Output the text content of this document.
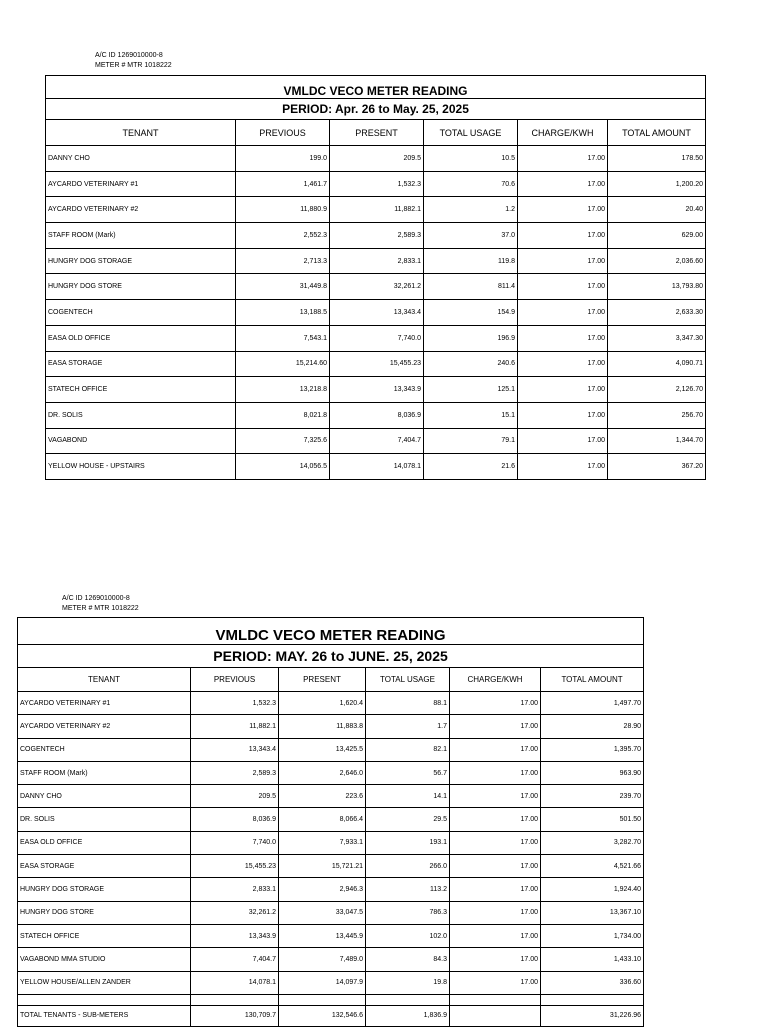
A/C ID 1269010000-8
METER # MTR 1018222
VMLDC VECO METER READING					
PERIOD: Apr. 26 to May. 25, 2025					
TENANT	PREVIOUS	PRESENT	TOTAL USAGE	CHARGE/KWH	TOTAL AMOUNT
DANNY CHO	199.0	209.5	10.5	17.00	178.50
AYCARDO VETERINARY #1	1,461.7	1,532.3	70.6	17.00	1,200.20
AYCARDO VETERINARY #2	11,880.9	11,882.1	1.2	17.00	20.40
STAFF ROOM (Mark)	2,552.3	2,589.3	37.0	17.00	629.00
HUNGRY DOG STORAGE	2,713.3	2,833.1	119.8	17.00	2,036.60
HUNGRY DOG STORE	31,449.8	32,261.2	811.4	17.00	13,793.80
COGENTECH	13,188.5	13,343.4	154.9	17.00	2,633.30
EASA OLD OFFICE	7,543.1	7,740.0	196.9	17.00	3,347.30
EASA STORAGE	15,214.60	15,455.23	240.6	17.00	4,090.71
STATECH OFFICE	13,218.8	13,343.9	125.1	17.00	2,126.70
DR. SOLIS	8,021.8	8,036.9	15.1	17.00	256.70
VAGABOND	7,325.6	7,404.7	79.1	17.00	1,344.70
YELLOW HOUSE - UPSTAIRS	14,056.5	14,078.1	21.6	17.00	367.20
A/C ID 1269010000-8
METER # MTR 1018222
VMLDC VECO METER READING					
PERIOD: MAY. 26 to JUNE. 25, 2025					
TENANT	PREVIOUS	PRESENT	TOTAL USAGE	CHARGE/KWH	TOTAL AMOUNT
AYCARDO VETERINARY #1	1,532.3	1,620.4	88.1	17.00	1,497.70
AYCARDO VETERINARY #2	11,882.1	11,883.8	1.7	17.00	28.90
COGENTECH	13,343.4	13,425.5	82.1	17.00	1,395.70
STAFF ROOM (Mark)	2,589.3	2,646.0	56.7	17.00	963.90
DANNY CHO	209.5	223.6	14.1	17.00	239.70
DR. SOLIS	8,036.9	8,066.4	29.5	17.00	501.50
EASA OLD OFFICE	7,740.0	7,933.1	193.1	17.00	3,282.70
EASA STORAGE	15,455.23	15,721.21	266.0	17.00	4,521.66
HUNGRY DOG STORAGE	2,833.1	2,946.3	113.2	17.00	1,924.40
HUNGRY DOG STORE	32,261.2	33,047.5	786.3	17.00	13,367.10
STATECH OFFICE	13,343.9	13,445.9	102.0	17.00	1,734.00
VAGABOND MMA STUDIO	7,404.7	7,489.0	84.3	17.00	1,433.10
YELLOW HOUSE/ALLEN ZANDER	14,078.1	14,097.9	19.8	17.00	336.60

TOTAL TENANTS - SUB-METERS	130,709.7	132,546.6	1,836.9		31,226.96
